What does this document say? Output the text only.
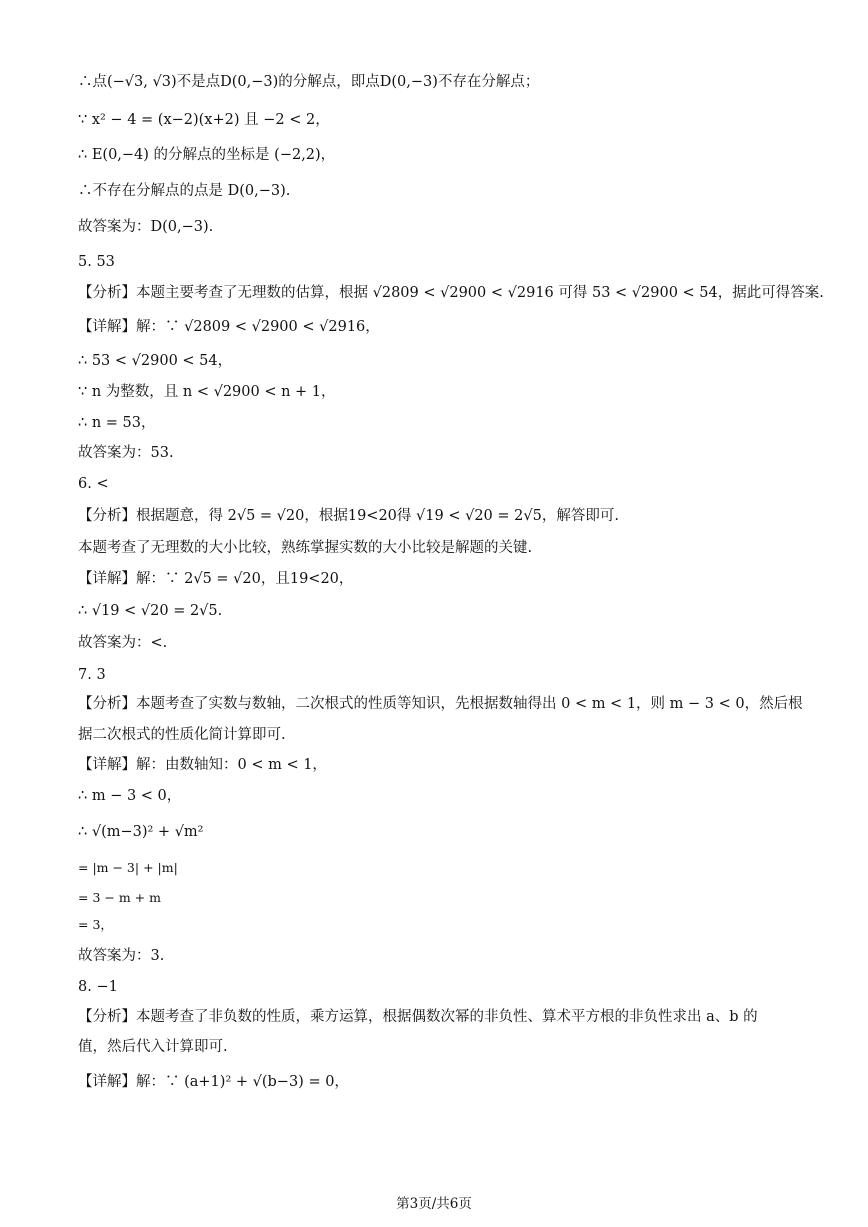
∴点(−√3, √3)不是点D(0,−3)的分解点，即点D(0,−3)不存在分解点；
∵ x² − 4 = (x−2)(x+2) 且 −2 < 2，
∴ E(0,−4) 的分解点的坐标是 (−2,2)，
∴不存在分解点的点是 D(0,−3).
故答案为：D(0,−3).
5. 53
【分析】本题主要考查了无理数的估算，根据 √2809 < √2900 < √2916 可得 53 < √2900 < 54，据此可得答案.
【详解】解：∵ √2809 < √2900 < √2916，
∴ 53 < √2900 < 54，
∵ n 为整数，且 n < √2900 < n + 1，
∴ n = 53，
故答案为：53.
6. <
【分析】根据题意，得 2√5 = √20，根据19<20得 √19 < √20 = 2√5，解答即可.
本题考查了无理数的大小比较，熟练掌握实数的大小比较是解题的关键.
【详解】解：∵ 2√5 = √20，且19<20，
∴ √19 < √20 = 2√5.
故答案为：<.
7. 3
【分析】本题考查了实数与数轴，二次根式的性质等知识，先根据数轴得出 0 < m < 1，则 m − 3 < 0，然后根
据二次根式的性质化简计算即可.
【详解】解：由数轴知：0 < m < 1，
∴ m − 3 < 0，
∴ √(m−3)² + √m²
= |m − 3| + |m|
= 3 − m + m
= 3，
故答案为：3.
8. −1
【分析】本题考查了非负数的性质，乘方运算，根据偶数次幂的非负性、算术平方根的非负性求出 a、b 的
值，然后代入计算即可.
【详解】解：∵ (a+1)² + √(b−3) = 0，
第3页/共6页
